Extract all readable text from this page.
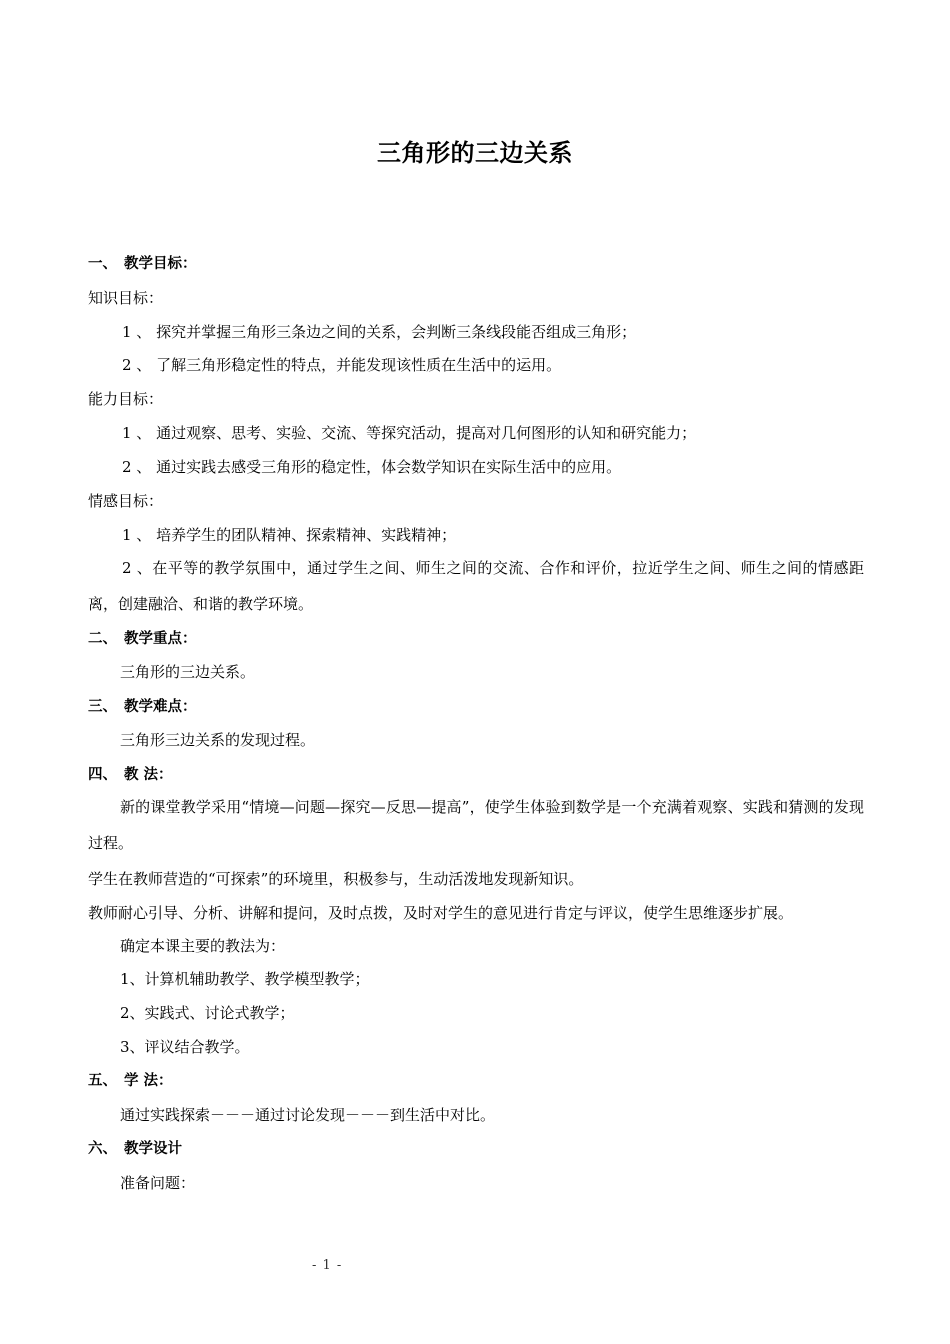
三角形的三边关系
一、 教学目标：
知识目标：
1 、 探究并掌握三角形三条边之间的关系，会判断三条线段能否组成三角形；
2 、 了解三角形稳定性的特点，并能发现该性质在生活中的运用。
能力目标：
1 、 通过观察、思考、实验、交流、等探究活动，提高对几何图形的认知和研究能力；
2 、 通过实践去感受三角形的稳定性，体会数学知识在实际生活中的应用。
情感目标：
1 、 培养学生的团队精神、探索精神、实践精神；
2 、在平等的教学氛围中，通过学生之间、师生之间的交流、合作和评价，拉近学生之间、师生之间的情感距离，创建融洽、和谐的教学环境。
二、 教学重点：
三角形的三边关系。
三、 教学难点：
三角形三边关系的发现过程。
四、 教 法：
新的课堂教学采用“情境—问题—探究—反思—提高”，使学生体验到数学是一个充满着观察、实践和猜测的发现过程。
学生在教师营造的“可探索”的环境里，积极参与，生动活泼地发现新知识。
教师耐心引导、分析、讲解和提问，及时点拨，及时对学生的意见进行肯定与评议，使学生思维逐步扩展。
确定本课主要的教法为：
1、计算机辅助教学、教学模型教学；
2、实践式、讨论式教学；
3、评议结合教学。
五、 学 法：
通过实践探索－－－通过讨论发现－－－到生活中对比。
六、 教学设计
准备问题：
- 1 -
